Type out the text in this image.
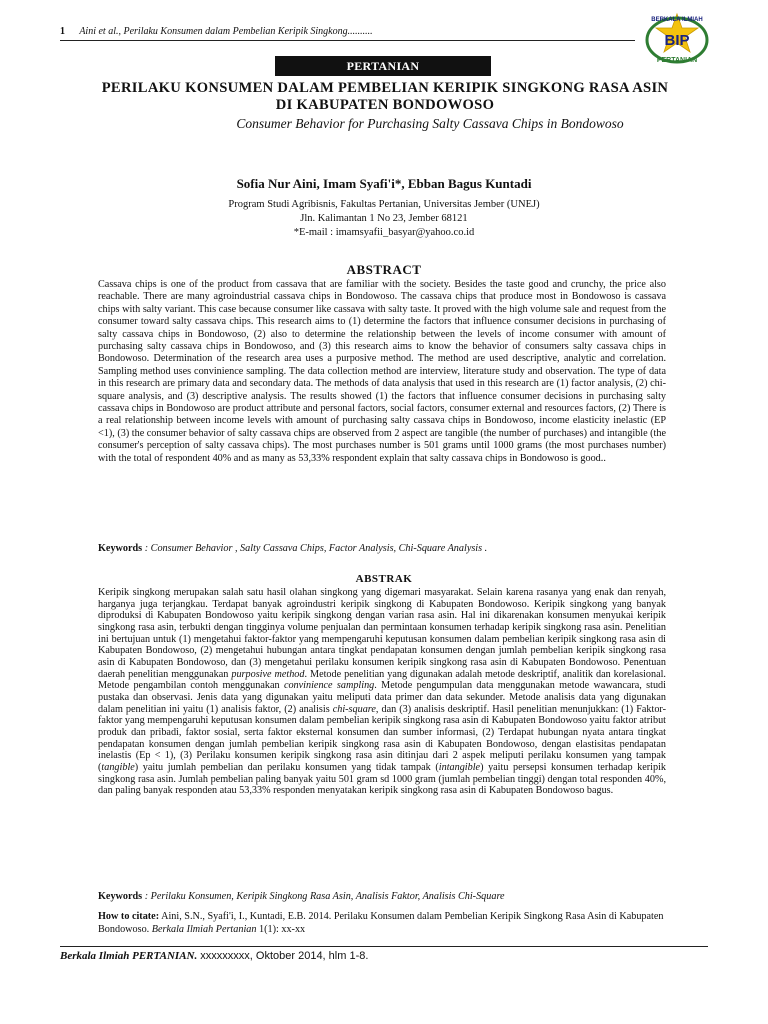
1 Aini et al., Perilaku Konsumen dalam Pembelian Keripik Singkong..........
BIP
BERKALA ILMIAH
PERTANIAN
PERTANIAN
PERILAKU KONSUMEN DALAM PEMBELIAN KERIPIK SINGKONG RASA ASIN
DI KABUPATEN BONDOWOSO
Consumer Behavior for Purchasing Salty Cassava Chips in Bondowoso
Sofia Nur Aini, Imam Syafi'i*, Ebban Bagus Kuntadi
Program Studi Agribisnis, Fakultas Pertanian, Universitas Jember (UNEJ)
Jln. Kalimantan 1 No 23, Jember 68121
*E-mail : imamsyafii_basyar@yahoo.co.id
ABSTRACT
Cassava chips is one of the product from cassava that are familiar with the society. Besides the taste good and crunchy, the price also reachable. There are many agroindustrial cassava chips in Bondowoso. The cassava chips that produce most in Bondowoso is cassava chips with salty variant. This case because consumer like cassava with salty taste. It proved with the high volume sale and request from the consumer toward salty cassava chips. This research aims to (1) determine the factors that influence consumer decisions in purchasing of salty cassava chips in Bondowoso, (2) also to determine the relationship between the levels of income consumer with amount of purchasing salty cassava chips in Bondowoso, and (3) this research aims to know the behavior of consumers salty cassava chips in Bondowoso. Determination of the research area uses a purposive method. The method are used descriptive, analytic and correlation. Sampling method uses convinience sampling. The data collection method are interview, literature study and observation. The type of data in this research are primary data and secondary data. The methods of data analysis that used in this research are (1) factor analysis, (2) chi-square analysis, and (3) descriptive analysis. The results showed (1) the factors that influence consumer decisions in purchasing salty cassava chips in Bondowoso are product attribute and personal factors, social factors, consumer external and resources factors, (2) There is a real relationship between income levels with amount of purchasing salty cassava chips in Bondowoso, income elasticity inelastic (EP <1), (3) the consumer behavior of salty cassava chips are observed from 2 aspect are tangible (the number of purchases) and intangible (the consumer's perception of salty cassava chips). The most purchases number is 501 grams until 1000 grams (the most purchases number) with the total of respondent 40% and as many as 53,33% respondent explain that salty cassava chips in Bondowoso is good..
Keywords : Consumer Behavior , Salty Cassava Chips, Factor Analysis, Chi-Square Analysis .
ABSTRAK
Keripik singkong merupakan salah satu hasil olahan singkong yang digemari masyarakat. Selain karena rasanya yang enak dan renyah, harganya juga terjangkau. Terdapat banyak agroindustri keripik singkong di Kabupaten Bondowoso. Keripik singkong yang banyak diproduksi di Kabupaten Bondowoso yaitu keripik singkong dengan varian rasa asin. Hal ini dikarenakan konsumen menyukai keripik singkong rasa asin, terbukti dengan tingginya volume penjualan dan permintaan konsumen terhadap keripik singkong rasa asin. Penelitian ini bertujuan untuk (1) mengetahui faktor-faktor yang mempengaruhi keputusan konsumen dalam pembelian keripik singkong rasa asin di Kabupaten Bondowoso, (2) mengetahui hubungan antara tingkat pendapatan konsumen dengan jumlah pembelian keripik singkong rasa asin di Kabupaten Bondowoso, dan (3) mengetahui perilaku konsumen keripik singkong rasa asin di Kabupaten Bondowoso. Penentuan daerah penelitian menggunakan purposive method. Metode penelitian yang digunakan adalah metode deskriptif, analitik dan korelasional. Metode pengambilan contoh menggunakan convinience sampling. Metode pengumpulan data menggunakan metode wawancara, studi pustaka dan observasi. Jenis data yang digunakan yaitu meliputi data primer dan data sekunder. Metode analisis data yang digunakan dalam penelitian ini yaitu (1) analisis faktor, (2) analisis chi-square, dan (3) analisis deskriptif. Hasil penelitian menunjukkan: (1) Faktor-faktor yang mempengaruhi keputusan konsumen dalam pembelian keripik singkong rasa asin di Kabupaten Bondowoso yaitu faktor atribut produk dan pribadi, faktor sosial, serta faktor eksternal konsumen dan sumber informasi, (2) Terdapat hubungan nyata antara tingkat pendapatan konsumen dengan jumlah pembelian keripik singkong rasa asin di Kabupaten Bondowoso, dengan elastisitas pendapatan inelastis (Ep < 1), (3) Perilaku konsumen keripik singkong rasa asin ditinjau dari 2 aspek meliputi perilaku konsumen yang tampak (tangible) yaitu jumlah pembelian dan perilaku konsumen yang tidak tampak (intangible) yaitu persepsi konsumen terhadap keripik singkong rasa asin. Jumlah pembelian paling banyak yaitu 501 gram sd 1000 gram (jumlah pembelian tinggi) dengan total responden 40%, dan paling banyak responden atau 53,33% responden menyatakan keripik singkong rasa asin di Kabupaten Bondowoso bagus.
Keywords : Perilaku Konsumen, Keripik Singkong Rasa Asin, Analisis Faktor, Analisis Chi-Square
How to citate: Aini, S.N., Syafi'i, I., Kuntadi, E.B. 2014. Perilaku Konsumen dalam Pembelian Keripik Singkong Rasa Asin di Kabupaten Bondowoso. Berkala Ilmiah Pertanian 1(1): xx-xx
Berkala Ilmiah PERTANIAN. xxxxxxxxx, Oktober 2014, hlm 1-8.
